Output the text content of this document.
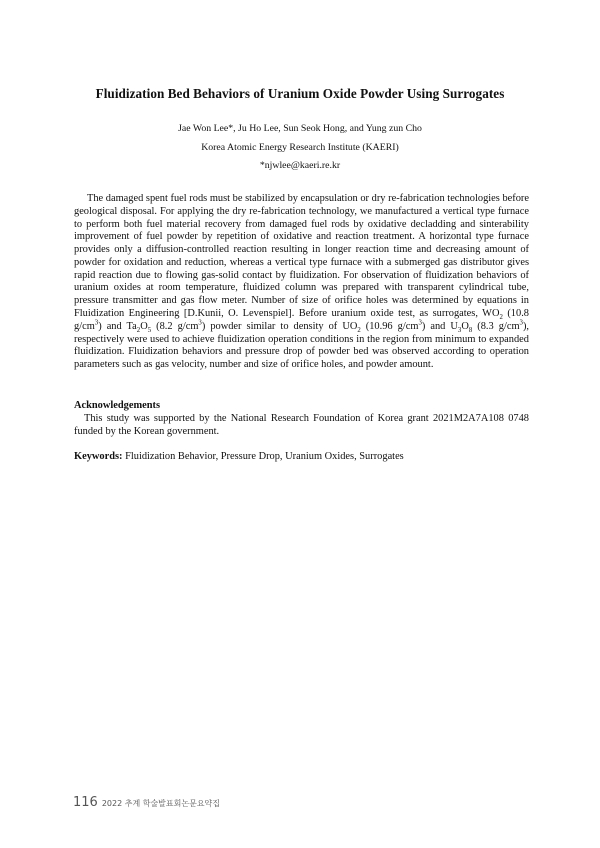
Fluidization Bed Behaviors of Uranium Oxide Powder Using Surrogates
Jae Won Lee*, Ju Ho Lee, Sun Seok Hong, and Yung zun Cho
Korea Atomic Energy Research Institute (KAERI)
*njwlee@kaeri.re.kr

The damaged spent fuel rods must be stabilized by encapsulation or dry re-fabrication technologies before geological disposal. For applying the dry re-fabrication technology, we manufactured a vertical type furnace to perform both fuel material recovery from damaged fuel rods by oxidative decladding and sinterability improvement of fuel powder by repetition of oxidative and reaction treatment. A horizontal type furnace provides only a diffusion-controlled reaction resulting in longer reaction time and decreasing amount of powder for oxidation and reduction, whereas a vertical type furnace with a submerged gas distributor gives rapid reaction due to flowing gas-solid contact by fluidization. For observation of fluidization behaviors of uranium oxides at room temperature, fluidized column was prepared with transparent cylindrical tube, pressure transmitter and gas flow meter. Number of size of orifice holes was determined by equations in Fluidization Engineering [D.Kunii, O. Levenspiel]. Before uranium oxide test, as surrogates, $WO_2$ (10.8 $g/cm^3$) and $Ta_2O_5$ (8.2 $g/cm^3$) powder similar to density of $UO_2$ (10.96 $g/cm^3$) and $U_3O_8$ (8.3 $g/cm^3$), respectively were used to achieve fluidization operation conditions in the region from minimum to expanded fluidization. Fluidization behaviors and pressure drop of powder bed was observed according to operation parameters such as gas velocity, number and size of orifice holes, and powder amount.

Acknowledgements

This study was supported by the National Research Foundation of Korea grant 2021M2A7A108 0748 funded by the Korean government.

Keywords: Fluidization Behavior, Pressure Drop, Uranium Oxides, Surrogates
116 2022 추계 학술발표회논문요약집
